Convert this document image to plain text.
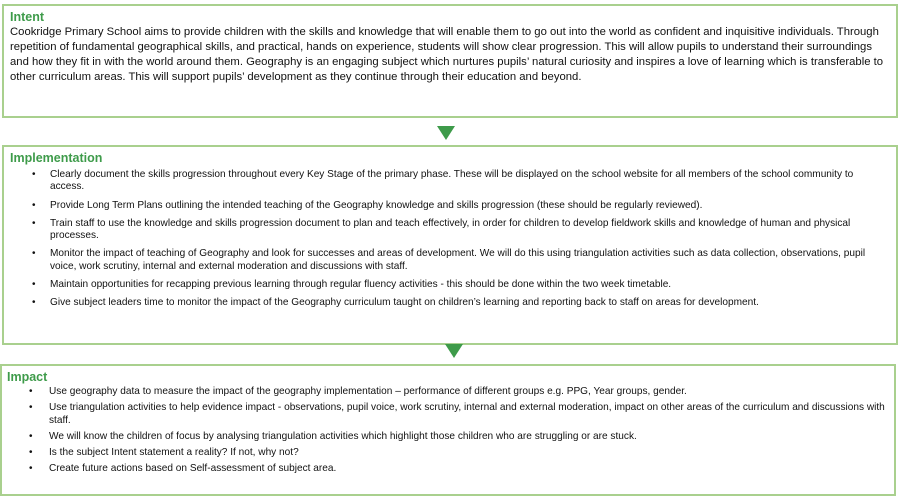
Intent
Cookridge Primary School aims to provide children with the skills and knowledge that will enable them to go out into the world as confident and inquisitive individuals. Through repetition of fundamental geographical skills, and practical, hands on experience, students will show clear progression. This will allow pupils to understand their surroundings and how they fit in with the world around them. Geography is an engaging subject which nurtures pupils’ natural curiosity and inspires a love of learning which is transferable to other curriculum areas. This will support pupils’ development as they continue through their education and beyond.
Implementation
• Clearly document the skills progression throughout every Key Stage of the primary phase. These will be displayed on the school website for all members of the school community to access.
• Provide Long Term Plans outlining the intended teaching of the Geography knowledge and skills progression (these should be regularly reviewed).
• Train staff to use the knowledge and skills progression document to plan and teach effectively, in order for children to develop fieldwork skills and knowledge of human and physical processes.
• Monitor the impact of teaching of Geography and look for successes and areas of development. We will do this using triangulation activities such as data collection, observations, pupil voice, work scrutiny, internal and external moderation and discussions with staff.
• Maintain opportunities for recapping previous learning through regular fluency activities - this should be done within the two week timetable.
• Give subject leaders time to monitor the impact of the Geography curriculum taught on children’s learning and reporting back to staff on areas for development.
Impact
• Use geography data to measure the impact of the geography implementation – performance of different groups e.g. PPG, Year groups, gender.
• Use triangulation activities to help evidence impact - observations, pupil voice, work scrutiny, internal and external moderation, impact on other areas of the curriculum and discussions with staff.
• We will know the children of focus by analysing triangulation activities which highlight those children who are struggling or are stuck.
• Is the subject Intent statement a reality? If not, why not?
• Create future actions based on Self-assessment of subject area.
